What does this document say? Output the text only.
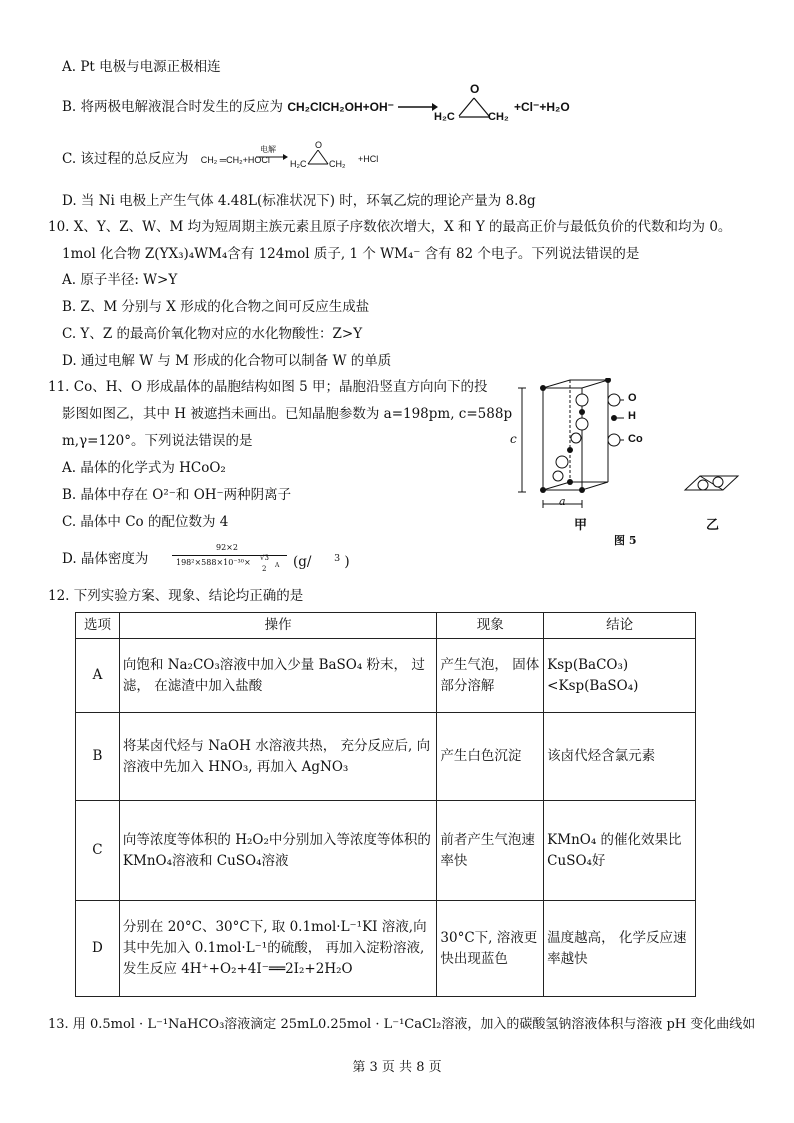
A. Pt 电极与电源正极相连
B. 将两极电解液混合时发生的反应为 CH₂ClCH₂OH+OH⁻ →
O
H₂C	CH₂
+Cl⁻+H₂O
C. 该过程的总反应为 CH₂ ═CH₂+HOCl
电解	O
H₂C	CH₂ +HCl
D. 当 Ni 电极上产生气体 4.48L(标准状况下) 时，环氧乙烷的理论产量为 8.8g
10. X、Y、Z、W、M 均为短周期主族元素且原子序数依次增大，X 和 Y 的最高正价与最低负价的代数和均为 0。
1mol 化合物 Z(YX₃)₄WM₄含有 124mol 质子, 1 个 WM₄⁻ 含有 82 个电子。下列说法错误的是
A. 原子半径: W>Y
B. Z、M 分别与 X 形成的化合物之间可反应生成盐
C. Y、Z 的最高价氧化物对应的水化物酸性：Z>Y
D. 通过电解 W 与 M 形成的化合物可以制备 W 的单质
11. Co、H、O 形成晶体的晶胞结构如图 5 甲；晶胞沿竖直方向向下的投
影图如图乙，其中 H 被遮挡未画出。已知晶胞参数为 a=198pm, c=588p
m,γ=120°。下列说法错误的是
A. 晶体的化学式为 HCoO₂
B. 晶体中存在 O²⁻和 OH⁻两种阴离子
C. 晶体中 Co 的配位数为 4
D. 晶体密度为
92×2
198²×588×10⁻³⁰× √3
2 A (g/ $^3$ )
O
H
Co
c
a
甲	乙
图 5
12. 下列实验方案、现象、结论均正确的是
选项	操作	现象	结论
A	向饱和 Na₂CO₃溶液中加入少量 BaSO₄ 粉末， 过滤， 在滤渣中加入盐酸	产生气泡， 固体部分溶解	Ksp(BaCO₃)<Ksp(BaSO₄)
B	将某卤代烃与 NaOH 水溶液共热， 充分反应后, 向溶液中先加入 HNO₃, 再加入 AgNO₃	产生白色沉淀	该卤代烃含氯元素
C	向等浓度等体积的 H₂O₂中分别加入等浓度等体积的KMnO₄溶液和 CuSO₄溶液	前者产生气泡速率快	KMnO₄ 的催化效果比 CuSO₄好
D	分别在 20°C、30°C下, 取 0.1mol·L⁻¹KI 溶液,向其中先加入 0.1mol·L⁻¹的硫酸， 再加入淀粉溶液, 发生反应 4H⁺+O₂+4I⁻══2I₂+2H₂O	30°C下, 溶液更快出现蓝色	温度越高， 化学反应速率越快
13. 用 0.5mol · L⁻¹NaHCO₃溶液滴定 25mL0.25mol · L⁻¹CaCl₂溶液，加入的碳酸氢钠溶液体积与溶液 pH 变化曲线如
第 3 页 共 8 页
